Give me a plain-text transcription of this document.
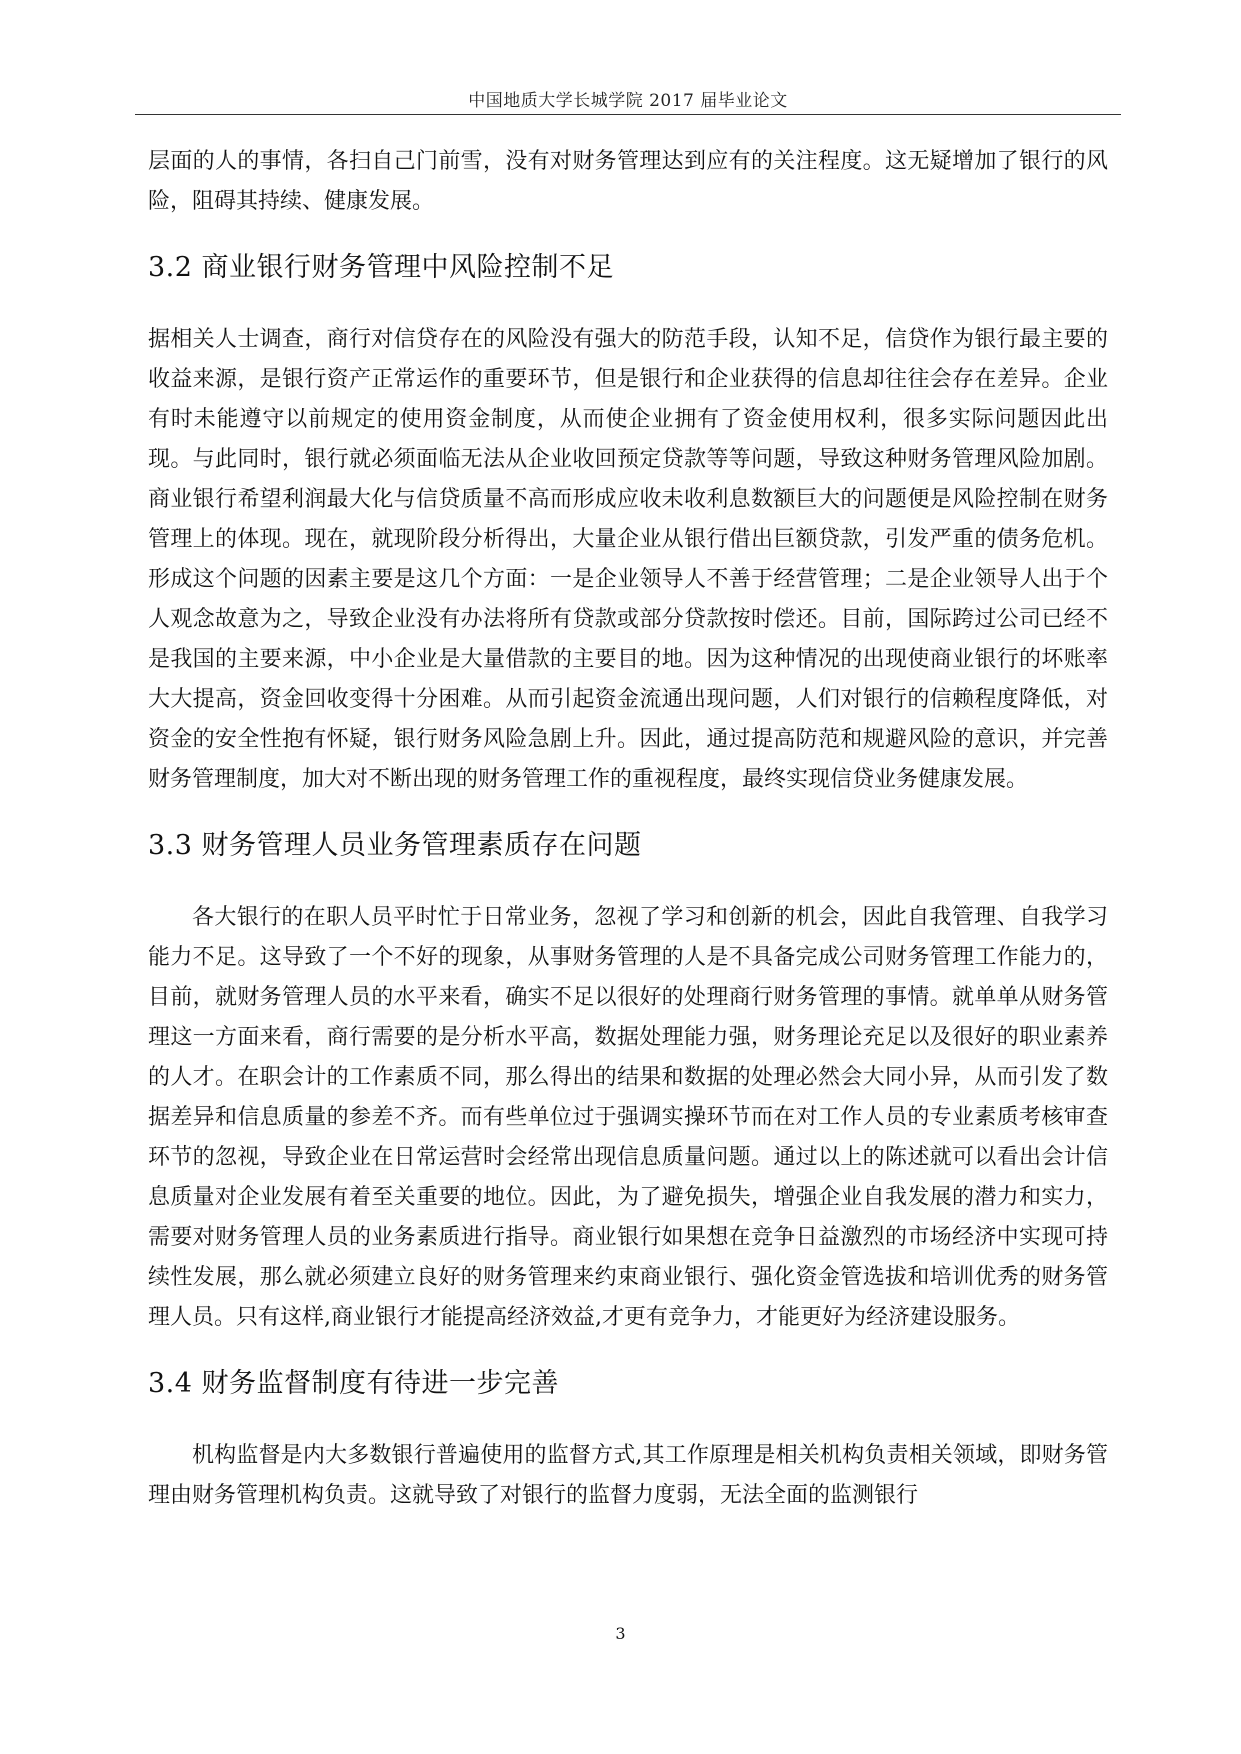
中国地质大学长城学院 2017 届毕业论文

层面的人的事情，各扫自己门前雪，没有对财务管理达到应有的关注程度。这无疑增加了银行的风险，阻碍其持续、健康发展。

3.2 商业银行财务管理中风险控制不足

据相关人士调查，商行对信贷存在的风险没有强大的防范手段，认知不足，信贷作为银行最主要的收益来源，是银行资产正常运作的重要环节，但是银行和企业获得的信息却往往会存在差异。企业有时未能遵守以前规定的使用资金制度，从而使企业拥有了资金使用权利，很多实际问题因此出现。与此同时，银行就必须面临无法从企业收回预定贷款等等问题，导致这种财务管理风险加剧。商业银行希望利润最大化与信贷质量不高而形成应收未收利息数额巨大的问题便是风险控制在财务管理上的体现。现在，就现阶段分析得出，大量企业从银行借出巨额贷款，引发严重的债务危机。形成这个问题的因素主要是这几个方面：一是企业领导人不善于经营管理；二是企业领导人出于个人观念故意为之，导致企业没有办法将所有贷款或部分贷款按时偿还。目前，国际跨过公司已经不是我国的主要来源，中小企业是大量借款的主要目的地。因为这种情况的出现使商业银行的坏账率大大提高，资金回收变得十分困难。从而引起资金流通出现问题，人们对银行的信赖程度降低，对资金的安全性抱有怀疑，银行财务风险急剧上升。因此，通过提高防范和规避风险的意识，并完善财务管理制度，加大对不断出现的财务管理工作的重视程度，最终实现信贷业务健康发展。

3.3 财务管理人员业务管理素质存在问题

各大银行的在职人员平时忙于日常业务，忽视了学习和创新的机会，因此自我管理、自我学习能力不足。这导致了一个不好的现象，从事财务管理的人是不具备完成公司财务管理工作能力的，目前，就财务管理人员的水平来看，确实不足以很好的处理商行财务管理的事情。就单单从财务管理这一方面来看，商行需要的是分析水平高，数据处理能力强，财务理论充足以及很好的职业素养的人才。在职会计的工作素质不同，那么得出的结果和数据的处理必然会大同小异，从而引发了数据差异和信息质量的参差不齐。而有些单位过于强调实操环节而在对工作人员的专业素质考核审查环节的忽视，导致企业在日常运营时会经常出现信息质量问题。通过以上的陈述就可以看出会计信息质量对企业发展有着至关重要的地位。因此，为了避免损失，增强企业自我发展的潜力和实力，需要对财务管理人员的业务素质进行指导。商业银行如果想在竞争日益激烈的市场经济中实现可持续性发展，那么就必须建立良好的财务管理来约束商业银行、强化资金管选拔和培训优秀的财务管理人员。只有这样,商业银行才能提高经济效益,才更有竞争力，才能更好为经济建设服务。

3.4 财务监督制度有待进一步完善

机构监督是内大多数银行普遍使用的监督方式,其工作原理是相关机构负责相关领域，即财务管理由财务管理机构负责。这就导致了对银行的监督力度弱，无法全面的监测银行

3
